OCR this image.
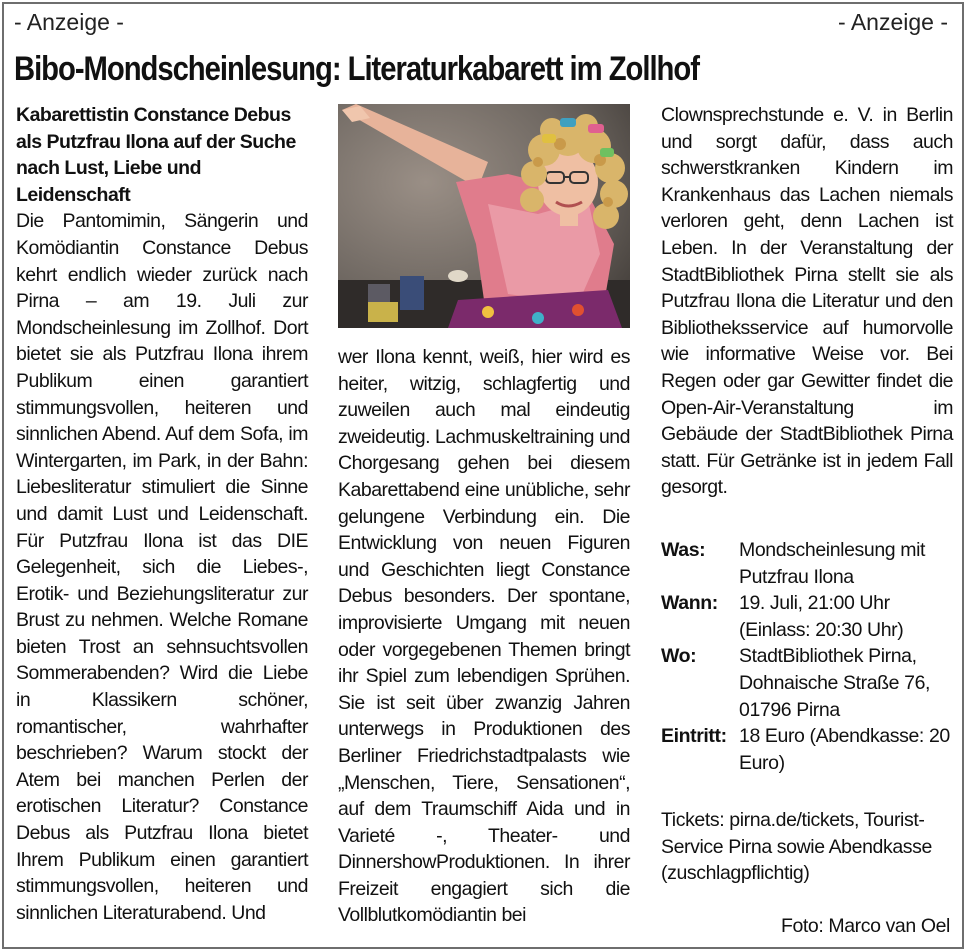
- Anzeige -	- Anzeige -
Bibo-Mondscheinlesung: Literaturkabarett im Zollhof
Kabarettistin Constance Debus als Putzfrau Ilona auf der Suche nach Lust, Liebe und Leidenschaft
Die Pantomimin, Sängerin und Komödiantin Constance Debus kehrt endlich wieder zurück nach Pirna – am 19. Juli zur Mondscheinlesung im Zollhof. Dort bietet sie als Putzfrau Ilona ihrem Publikum einen garantiert stimmungsvollen, heiteren und sinnlichen Abend. Auf dem Sofa, im Wintergarten, im Park, in der Bahn: Liebesliteratur stimuliert die Sinne und damit Lust und Leidenschaft. Für Putzfrau Ilona ist das DIE Gelegenheit, sich die Liebes-, Erotik- und Beziehungsliteratur zur Brust zu nehmen. Welche Romane bieten Trost an sehnsuchtsvollen Sommerabenden? Wird die Liebe in Klassikern schöner, romantischer, wahrhafter beschrieben? Warum stockt der Atem bei manchen Perlen der erotischen Literatur? Constance Debus als Putzfrau Ilona bietet Ihrem Publikum einen garantiert stimmungsvollen, heiteren und sinnlichen Literaturabend. Und
wer Ilona kennt, weiß, hier wird es heiter, witzig, schlagfertig und zuweilen auch mal eindeutig zweideutig. Lachmuskeltraining und Chorgesang gehen bei diesem Kabarettabend eine unübliche, sehr gelungene Verbindung ein. Die Entwicklung von neuen Figuren und Geschichten liegt Constance Debus besonders. Der spontane, improvisierte Umgang mit neuen oder vorgegebenen Themen bringt ihr Spiel zum lebendigen Sprühen. Sie ist seit über zwanzig Jahren unterwegs in Produktionen des Berliner Friedrichstadtpalasts wie „Menschen, Tiere, Sensationen“, auf dem Traumschiff Aida und in Varieté -, Theater- und DinnershowProduktionen. In ihrer Freizeit engagiert sich die Vollblutkomödiantin bei
Clownsprechstunde e. V. in Berlin und sorgt dafür, dass auch schwerstkranken Kindern im Krankenhaus das Lachen niemals verloren geht, denn Lachen ist Leben. In der Veranstaltung der StadtBibliothek Pirna stellt sie als Putzfrau Ilona die Literatur und den Bibliotheksservice auf humorvolle wie informative Weise vor. Bei Regen oder gar Gewitter findet die Open-Air-Veranstaltung im Gebäude der StadtBibliothek Pirna statt. Für Getränke ist in jedem Fall gesorgt.
Was:	Mondscheinlesung mit Putzfrau Ilona
Wann:	19. Juli, 21:00 Uhr (Einlass: 20:30 Uhr)
Wo:	StadtBibliothek Pirna, Dohnaische Straße 76, 01796 Pirna
Eintritt: 18 Euro (Abendkasse: 20 Euro)
Tickets: pirna.de/tickets, Tourist-Service Pirna sowie Abendkasse (zuschlagpflichtig)
Foto: Marco van Oel
